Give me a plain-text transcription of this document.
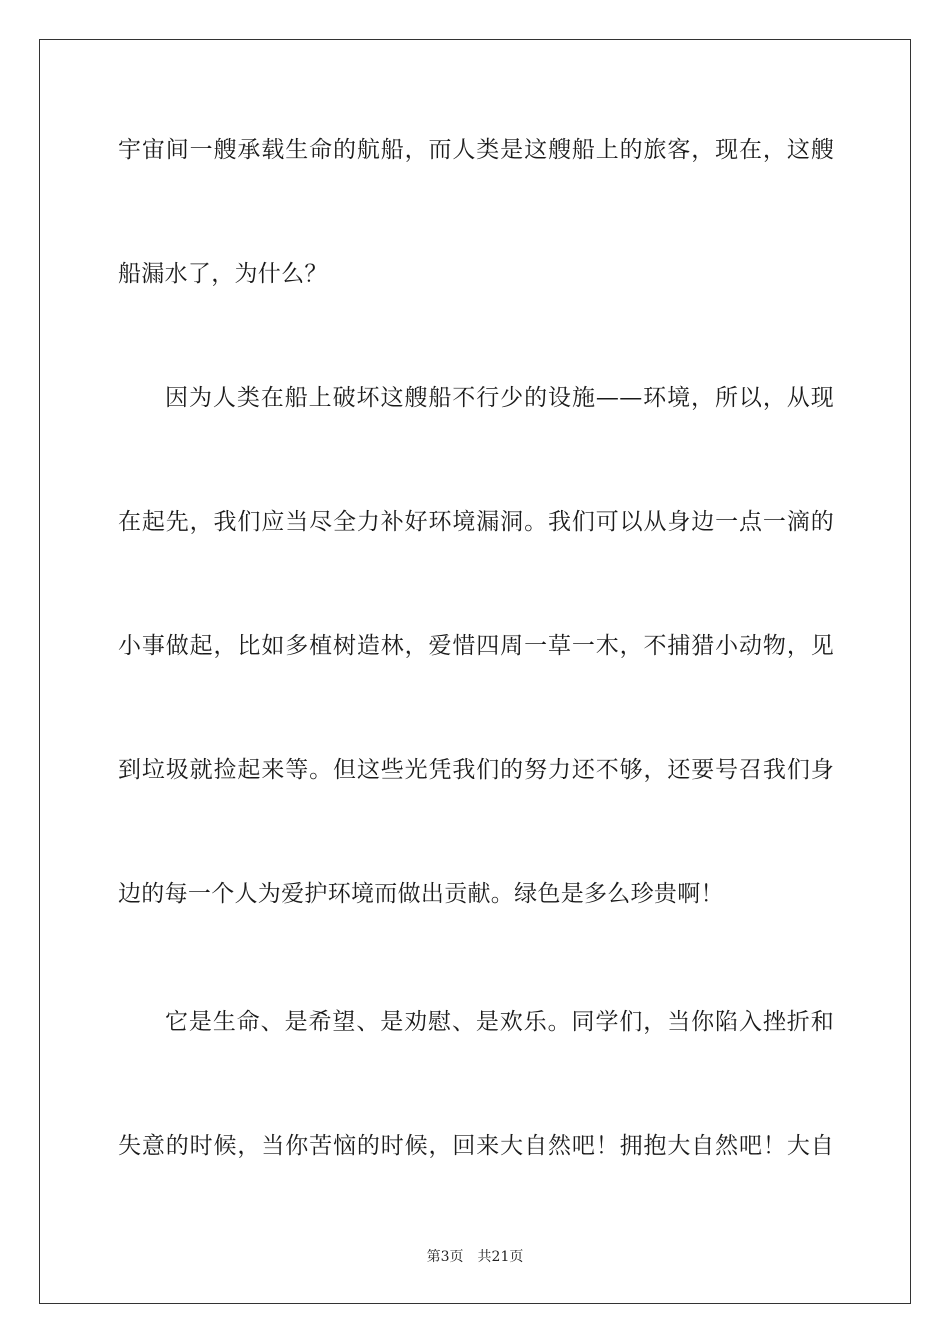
宇宙间一艘承载生命的航船，而人类是这艘船上的旅客，现在，这艘
船漏水了，为什么？
因为人类在船上破坏这艘船不行少的设施——环境，所以，从现
在起先，我们应当尽全力补好环境漏洞。我们可以从身边一点一滴的
小事做起，比如多植树造林，爱惜四周一草一木，不捕猎小动物，见
到垃圾就捡起来等。但这些光凭我们的努力还不够，还要号召我们身
边的每一个人为爱护环境而做出贡献。绿色是多么珍贵啊！
它是生命、是希望、是劝慰、是欢乐。同学们，当你陷入挫折和
失意的时候，当你苦恼的时候，回来大自然吧！拥抱大自然吧！大自
第3页 共21页
